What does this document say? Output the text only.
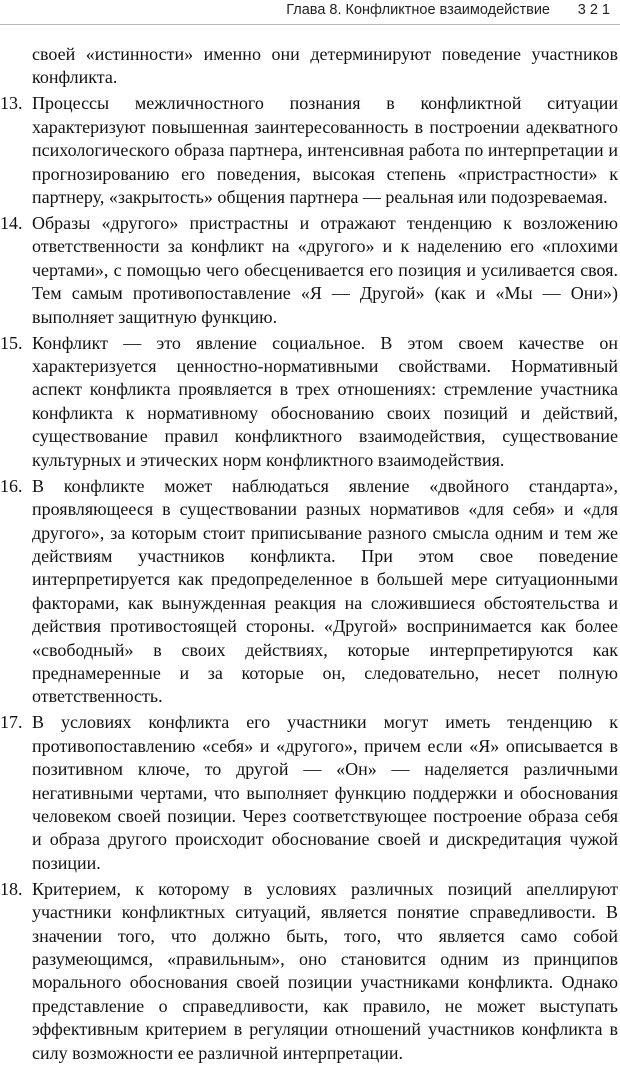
Глава 8. Конфликтное взаимодействие 321

своей «истинности» именно они детерминируют поведение участников конфликта.

13. Процессы межличностного познания в конфликтной ситуации характеризуют повышенная заинтересованность в построении адекватного психологического образа партнера, интенсивная работа по интерпретации и прогнозированию его поведения, высокая степень «пристрастности» к партнеру, «закрытость» общения партнера — реальная или подозреваемая.

14. Образы «другого» пристрастны и отражают тенденцию к возложению ответственности за конфликт на «другого» и к наделению его «плохими чертами», с помощью чего обесценивается его позиция и усиливается своя. Тем самым противопоставление «Я — Другой» (как и «Мы — Они») выполняет защитную функцию.

15. Конфликт — это явление социальное. В этом своем качестве он характеризуется ценностно-нормативными свойствами. Нормативный аспект конфликта проявляется в трех отношениях: стремление участника конфликта к нормативному обоснованию своих позиций и действий, существование правил конфликтного взаимодействия, существование культурных и этических норм конфликтного взаимодействия.

16. В конфликте может наблюдаться явление «двойного стандарта», проявляющееся в существовании разных нормативов «для себя» и «для другого», за которым стоит приписывание разного смысла одним и тем же действиям участников конфликта. При этом свое поведение интерпретируется как предопределенное в большей мере ситуационными факторами, как вынужденная реакция на сложившиеся обстоятельства и действия противостоящей стороны. «Другой» воспринимается как более «свободный» в своих действиях, которые интерпретируются как преднамеренные и за которые он, следовательно, несет полную ответственность.

17. В условиях конфликта его участники могут иметь тенденцию к противопоставлению «себя» и «другого», причем если «Я» описывается в позитивном ключе, то другой — «Он» — наделяется различными негативными чертами, что выполняет функцию поддержки и обоснования человеком своей позиции. Через соответствующее построение образа себя и образа другого происходит обоснование своей и дискредитация чужой позиции.

18. Критерием, к которому в условиях различных позиций апеллируют участники конфликтных ситуаций, является понятие справедливости. В значении того, что должно быть, того, что является само собой разумеющимся, «правильным», оно становится одним из принципов морального обоснования своей позиции участниками конфликта. Однако представление о справедливости, как правило, не может выступать эффективным критерием в регуляции отношений участников конфликта в силу возможности ее различной интерпретации.
